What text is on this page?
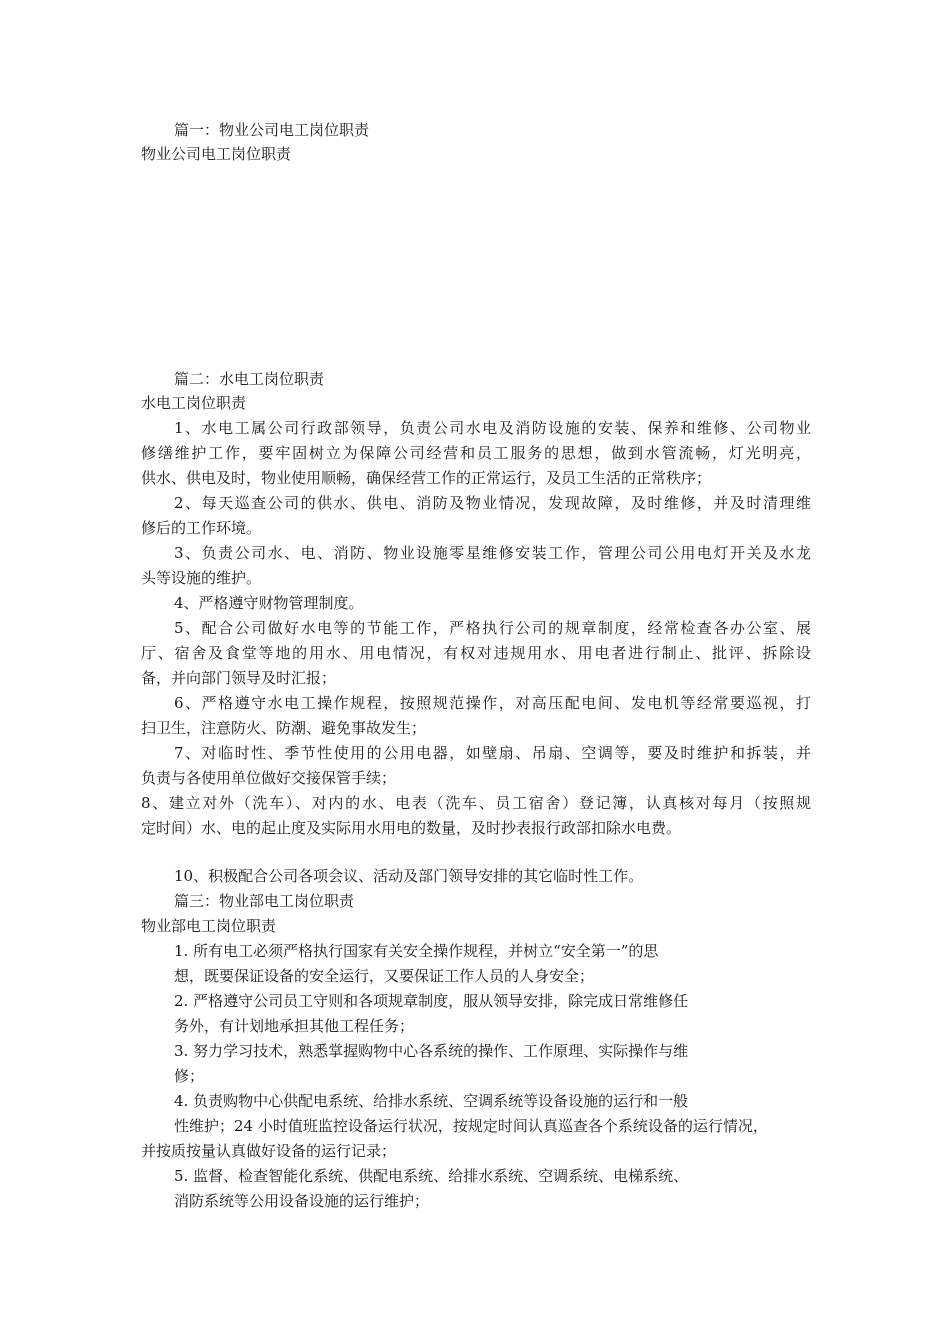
篇一：物业公司电工岗位职责
物业公司电工岗位职责
篇二：水电工岗位职责
水电工岗位职责
1、水电工属公司行政部领导，负责公司水电及消防设施的安装、保养和维修、公司物业
修缮维护工作，要牢固树立为保障公司经营和员工服务的思想，做到水管流畅，灯光明亮，
供水、供电及时，物业使用顺畅，确保经营工作的正常运行，及员工生活的正常秩序；
2、每天巡查公司的供水、供电、消防及物业情况，发现故障，及时维修，并及时清理维
修后的工作环境。
3、负责公司水、电、消防、物业设施零星维修安装工作，管理公司公用电灯开关及水龙
头等设施的维护。
4、严格遵守财物管理制度。
5、配合公司做好水电等的节能工作，严格执行公司的规章制度，经常检查各办公室、展
厅、宿舍及食堂等地的用水、用电情况，有权对违规用水、用电者进行制止、批评、拆除设
备，并向部门领导及时汇报；
6、严格遵守水电工操作规程，按照规范操作，对高压配电间、发电机等经常要巡视，打
扫卫生，注意防火、防潮、避免事故发生；
7、对临时性、季节性使用的公用电器，如壁扇、吊扇、空调等，要及时维护和拆装，并
负责与各使用单位做好交接保管手续；
8、建立对外（洗车）、对内的水、电表（洗车、员工宿舍）登记簿，认真核对每月（按照规
定时间）水、电的起止度及实际用水用电的数量，及时抄表报行政部扣除水电费。
10、积极配合公司各项会议、活动及部门领导安排的其它临时性工作。
篇三：物业部电工岗位职责
物业部电工岗位职责
1. 所有电工必须严格执行国家有关安全操作规程，并树立“安全第一”的思
想，既要保证设备的安全运行，又要保证工作人员的人身安全；
2. 严格遵守公司员工守则和各项规章制度，服从领导安排，除完成日常维修任
务外，有计划地承担其他工程任务；
3. 努力学习技术，熟悉掌握购物中心各系统的操作、工作原理、实际操作与维
修；
4. 负责购物中心供配电系统、给排水系统、空调系统等设备设施的运行和一般
性维护；24 小时值班监控设备运行状况，按规定时间认真巡查各个系统设备的运行情况，
并按质按量认真做好设备的运行记录；
5. 监督、检查智能化系统、供配电系统、给排水系统、空调系统、电梯系统、
消防系统等公用设备设施的运行维护；
